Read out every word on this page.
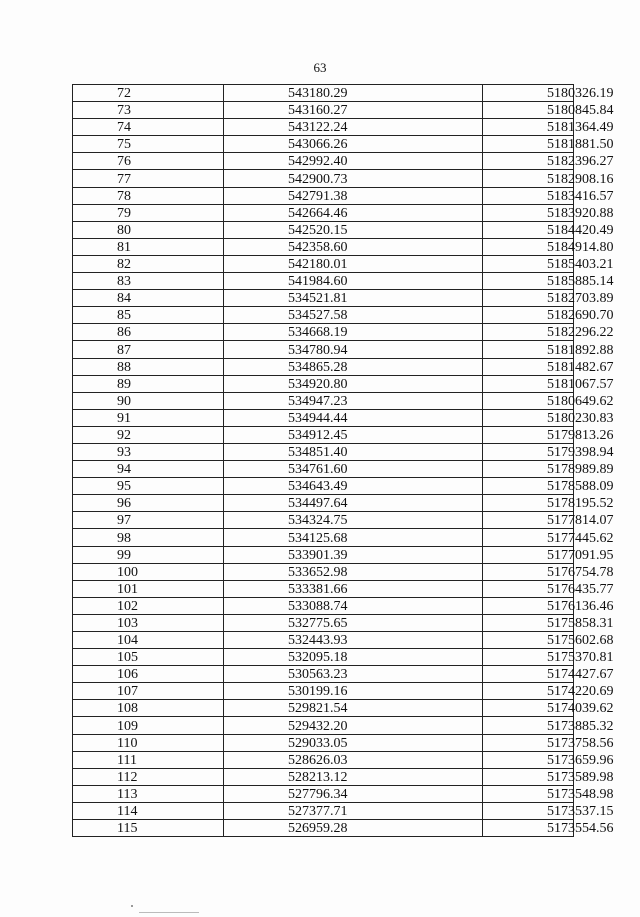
63
72	543180.29	5180326.19
73	543160.27	5180845.84
74	543122.24	5181364.49
75	543066.26	5181881.50
76	542992.40	5182396.27
77	542900.73	5182908.16
78	542791.38	5183416.57
79	542664.46	5183920.88
80	542520.15	5184420.49
81	542358.60	5184914.80
82	542180.01	5185403.21
83	541984.60	5185885.14
84	534521.81	5182703.89
85	534527.58	5182690.70
86	534668.19	5182296.22
87	534780.94	5181892.88
88	534865.28	5181482.67
89	534920.80	5181067.57
90	534947.23	5180649.62
91	534944.44	5180230.83
92	534912.45	5179813.26
93	534851.40	5179398.94
94	534761.60	5178989.89
95	534643.49	5178588.09
96	534497.64	5178195.52
97	534324.75	5177814.07
98	534125.68	5177445.62
99	533901.39	5177091.95
100	533652.98	5176754.78
101	533381.66	5176435.77
102	533088.74	5176136.46
103	532775.65	5175858.31
104	532443.93	5175602.68
105	532095.18	5175370.81
106	530563.23	5174427.67
107	530199.16	5174220.69
108	529821.54	5174039.62
109	529432.20	5173885.32
110	529033.05	5173758.56
111	528626.03	5173659.96
112	528213.12	5173589.98
113	527796.34	5173548.98
114	527377.71	5173537.15
115	526959.28	5173554.56
